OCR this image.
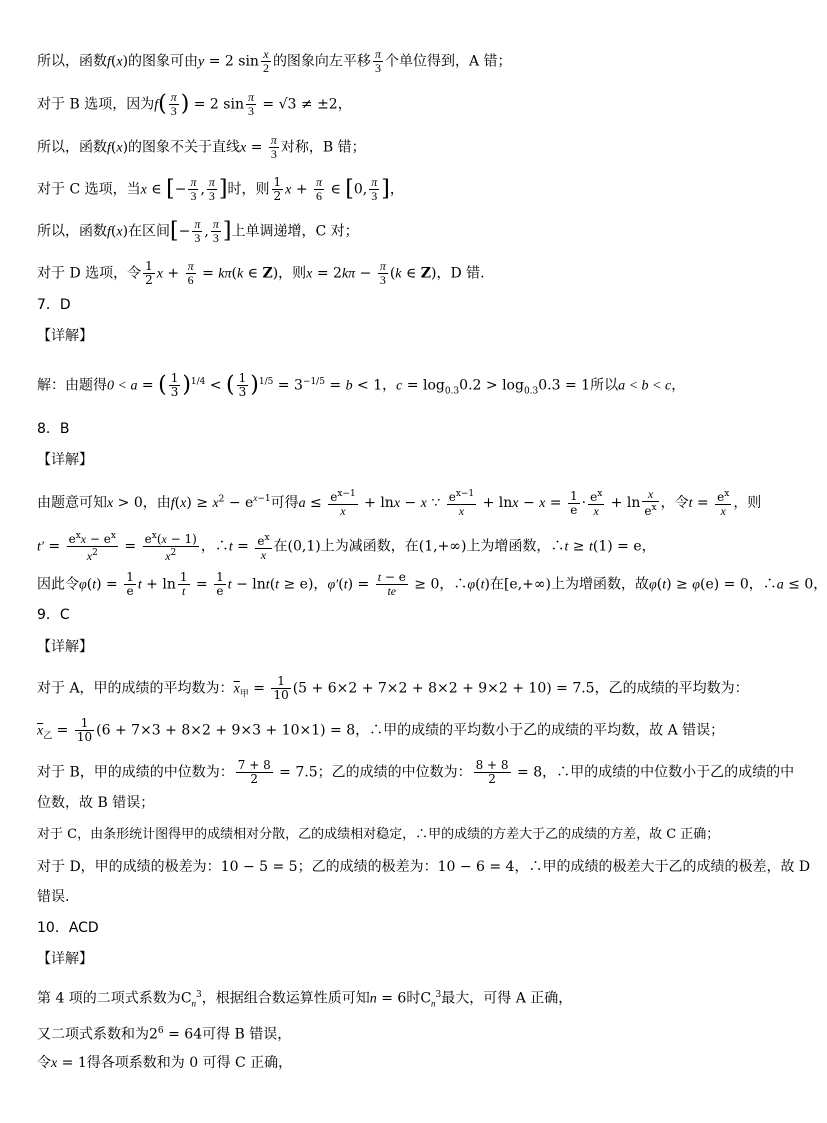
所以，函数f(x)的图象可由y = 2 $\sin \frac{x}{2}$ 的图象向左平移 $\frac{\pi}{3}$ 个单位得到，A 错；
对于 B 选项，因为$f( \frac{\pi}{3}$ ) = 2 $\sin \frac{\pi}{3} = √3 \ne \pm 2$，
所以，函数f(x)的图象不关于直线$x = \frac{\pi}{3}$ 对称，B 错；
对于 C 选项，当x ∈ [− $\frac{\pi}{3}$ , $\frac{\pi}{3}$ ]时，则 $\frac{1}{2}$ $x + \frac{\pi}{6}$ ∈ [0, $\frac{\pi}{3}$ ]，
所以，函数f(x)在区间[− $\frac{\pi}{3}$ , $\frac{\pi}{3}$ ]上单调递增，C 对；
对于 D 选项，令 $\frac{1}{2}$ $x + \frac{\pi}{6} = k\pi(k$ ∈ Z)，则$x = 2k\pi - \frac{\pi}{3} (k$ ∈ Z)，D 错.
7．D
【详解】
解：由题得0 < a = ( $\frac{1}{3} )^{1/4}$ < ( $\frac{1}{3} )^{1/5} = 3^{-1/5} = b < 1$，$c = \log_{0.3}0.2 > \log_{0.3}0.3 = 1$所以a < b < c，
8．B
【详解】
由题意可知x > 0，由$f(x) \ge x^2 - e^{x-1}$可得$a \le \frac{e^{x-1}}{x} + \ln x - x$ ∵ $\frac{e^{x-1}}{x} + \ln x - x = \frac{1}{e} \cdot \frac{e^x}{x} + \ln \frac{x}{e^x}$ ，令$t = \frac{e^x}{x}$ ，则
$t' = \frac{e^xx - e^x}{x^2} = \frac{e^x(x - 1)}{x^2}$ ，∴t = $\frac{e^x}{x}$ 在(0,1)上为减函数，在(1,+∞)上为增函数，∴t ≥ t(1) = e，
因此令$\varphi(t) = \frac{1}{e}$ $t + \ln \frac{1}{t} = \frac{1}{e}$ t − lnt(t ≥ e)，$\varphi'(t) = \frac{t - e}{te} \ge 0$，∴φ(t)在[e,+∞)上为增函数，故φ(t) ≥ φ(e) = 0，∴a ≤ 0，
9．C
【详解】
对于 A，甲的成绩的平均数为：$\overline{x}_甲 = \frac{1}{10} (5 + 6\times 2 + 7\times 2 + 8\times 2 + 9\times 2 + 10) = 7.5$，乙的成绩的平均数为：
$\overline{x}_乙 = \frac{1}{10} (6 + 7\times 3 + 8\times 2 + 9\times 3 + 10\times 1) = 8$，∴甲的成绩的平均数小于乙的成绩的平均数，故 A 错误；
对于 B，甲的成绩的中位数为： $\frac{7 + 8}{2} = 7.5$；乙的成绩的中位数为： $\frac{8 + 8}{2} = 8$，∴甲的成绩的中位数小于乙的成绩的中
位数，故 B 错误；
对于 C，由条形统计图得甲的成绩相对分散，乙的成绩相对稳定，∴甲的成绩的方差大于乙的成绩的方差，故 C 正确；
对于 D，甲的成绩的极差为：10 − 5 = 5；乙的成绩的极差为：10 − 6 = 4，∴甲的成绩的极差大于乙的成绩的极差，故 D
错误.
10．ACD
【详解】
第 4 项的二项式系数为$C_n^3$，根据组合数运算性质可知n = 6时$C_n^3$最大，可得 A 正确，
又二项式系数和为$2^6 = 64$可得 B 错误，
令x = 1得各项系数和为 0 可得 C 正确，
